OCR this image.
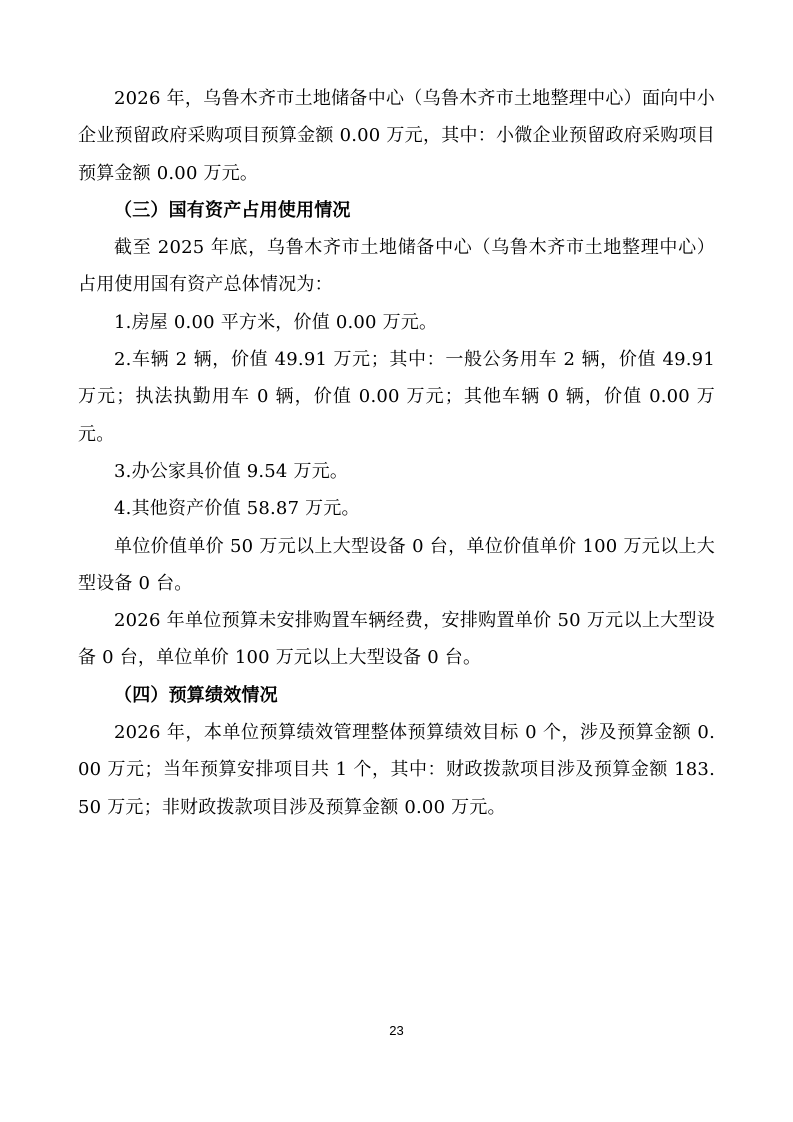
2026 年，乌鲁木齐市土地储备中心（乌鲁木齐市土地整理中心）面向中小企业预留政府采购项目预算金额 0.00 万元，其中：小微企业预留政府采购项目预算金额 0.00 万元。

（三）国有资产占用使用情况

截至 2025 年底，乌鲁木齐市土地储备中心（乌鲁木齐市土地整理中心）占用使用国有资产总体情况为：

1.房屋 0.00 平方米，价值 0.00 万元。

2.车辆 2 辆，价值 49.91 万元；其中：一般公务用车 2 辆，价值 49.91 万元；执法执勤用车 0 辆，价值 0.00 万元；其他车辆 0 辆，价值 0.00 万元。

3.办公家具价值 9.54 万元。

4.其他资产价值 58.87 万元。

单位价值单价 50 万元以上大型设备 0 台，单位价值单价 100 万元以上大型设备 0 台。

2026 年单位预算未安排购置车辆经费，安排购置单价 50 万元以上大型设备 0 台，单位单价 100 万元以上大型设备 0 台。

（四）预算绩效情况

2026 年，本单位预算绩效管理整体预算绩效目标 0 个，涉及预算金额 0.00 万元；当年预算安排项目共 1 个，其中：财政拨款项目涉及预算金额 183.50 万元；非财政拨款项目涉及预算金额 0.00 万元。

23
